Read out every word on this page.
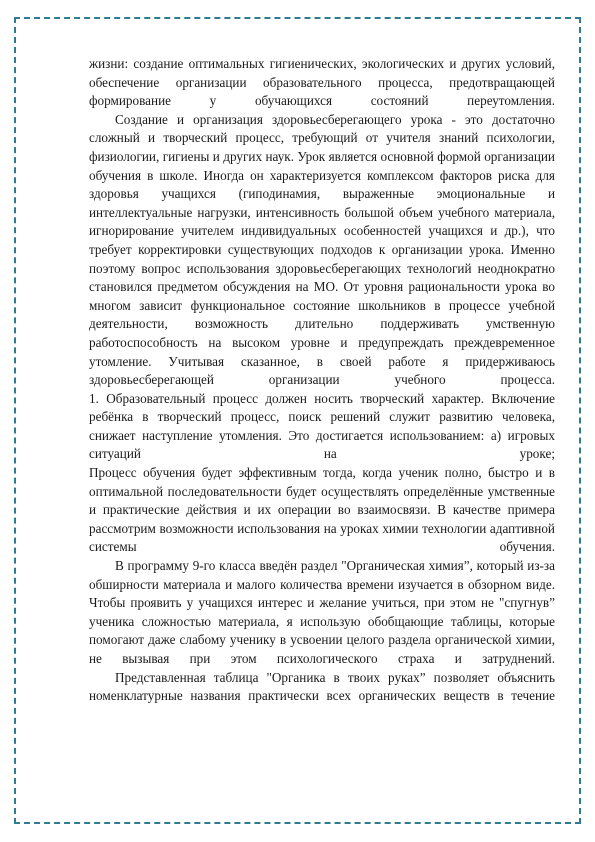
жизни: создание оптимальных гигиенических, экологических и других условий, обеспечение организации образовательного процесса, предотвращающей формирование у обучающихся состояний переутомления.

Создание и организация здоровьесберегающего урока - это достаточно сложный и творческий процесс, требующий от учителя знаний психологии, физиологии, гигиены и других наук. Урок является основной формой организации обучения в школе. Иногда он характеризуется комплексом факторов риска для здоровья учащихся (гиподинамия, выраженные эмоциональные и интеллектуальные нагрузки, интенсивность большой объем учебного материала, игнорирование учителем индивидуальных особенностей учащихся и др.), что требует корректировки существующих подходов к организации урока. Именно поэтому вопрос использования здоровьесберегающих технологий неоднократно становился предметом обсуждения на МО. От уровня рациональности урока во многом зависит функциональное состояние школьников в процессе учебной деятельности, возможность длительно поддерживать умственную работоспособность на высоком уровне и предупреждать преждевременное утомление. Учитывая сказанное, в своей работе я придерживаюсь здоровьесберегающей организации учебного процесса.

1. Образовательный процесс должен носить творческий характер. Включение ребёнка в творческий процесс, поиск решений служит развитию человека, снижает наступление утомления. Это достигается использованием: а) игровых ситуаций на уроке;

Процесс обучения будет эффективным тогда, когда ученик полно, быстро и в оптимальной последовательности будет осуществлять определённые умственные и практические действия и их операции во взаимосвязи. В качестве примера рассмотрим возможности использования на уроках химии технологии адаптивной системы обучения.

В программу 9-го класса введён раздел "Органическая химия”, который из-за обширности материала и малого количества времени изучается в обзорном виде. Чтобы проявить у учащихся интерес и желание учиться, при этом не "спугнув” ученика сложностью материала, я использую обобщающие таблицы, которые помогают даже слабому ученику в усвоении целого раздела органической химии, не вызывая при этом психологического страха и затруднений.

Представленная таблица "Органика в твоих руках” позволяет объяснить номенклатурные названия практически всех органических веществ в течение
